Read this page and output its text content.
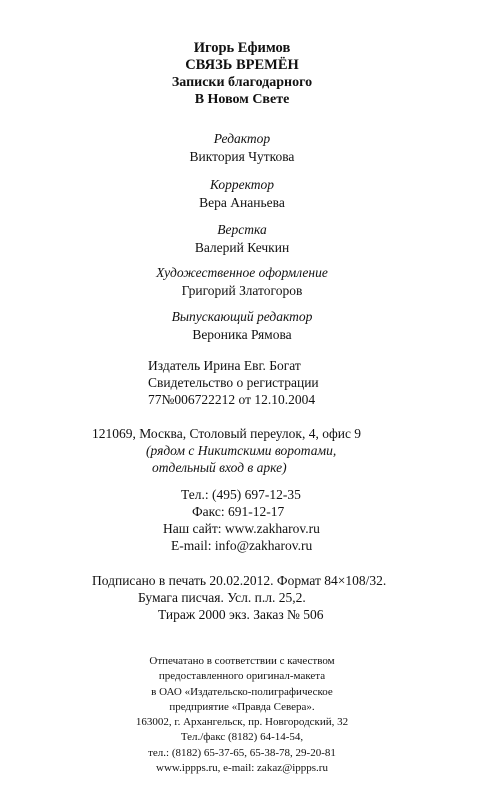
Игорь Ефимов
СВЯЗЬ ВРЕМЁН
Записки благодарного
В Новом Свете
Редактор
Виктория Чуткова
Корректор
Вера Ананьева
Верстка
Валерий Кечкин
Художественное оформление
Григорий Златогоров
Выпускающий редактор
Вероника Рямова
Издатель Ирина Евг. Богат
Свидетельство о регистрации
77№006722212 от 12.10.2004
121069, Москва, Столовый переулок, 4, офис 9
(рядом с Никитскими воротами,
отдельный вход в арке)
Тел.: (495) 697-12-35
Факс: 691-12-17
Наш сайт: www.zakharov.ru
E-mail: info@zakharov.ru
Подписано в печать 20.02.2012. Формат 84×108/32.
Бумага писчая. Усл. п.л. 25,2.
Тираж 2000 экз. Заказ № 506
Отпечатано в соответствии с качеством
предоставленного оригинал-макета
в ОАО «Издательско-полиграфическое
предприятие «Правда Севера».
163002, г. Архангельск, пр. Новгородский, 32
Тел./факс (8182) 64-14-54,
тел.: (8182) 65-37-65, 65-38-78, 29-20-81
www.ippps.ru, e-mail: zakaz@ippps.ru
